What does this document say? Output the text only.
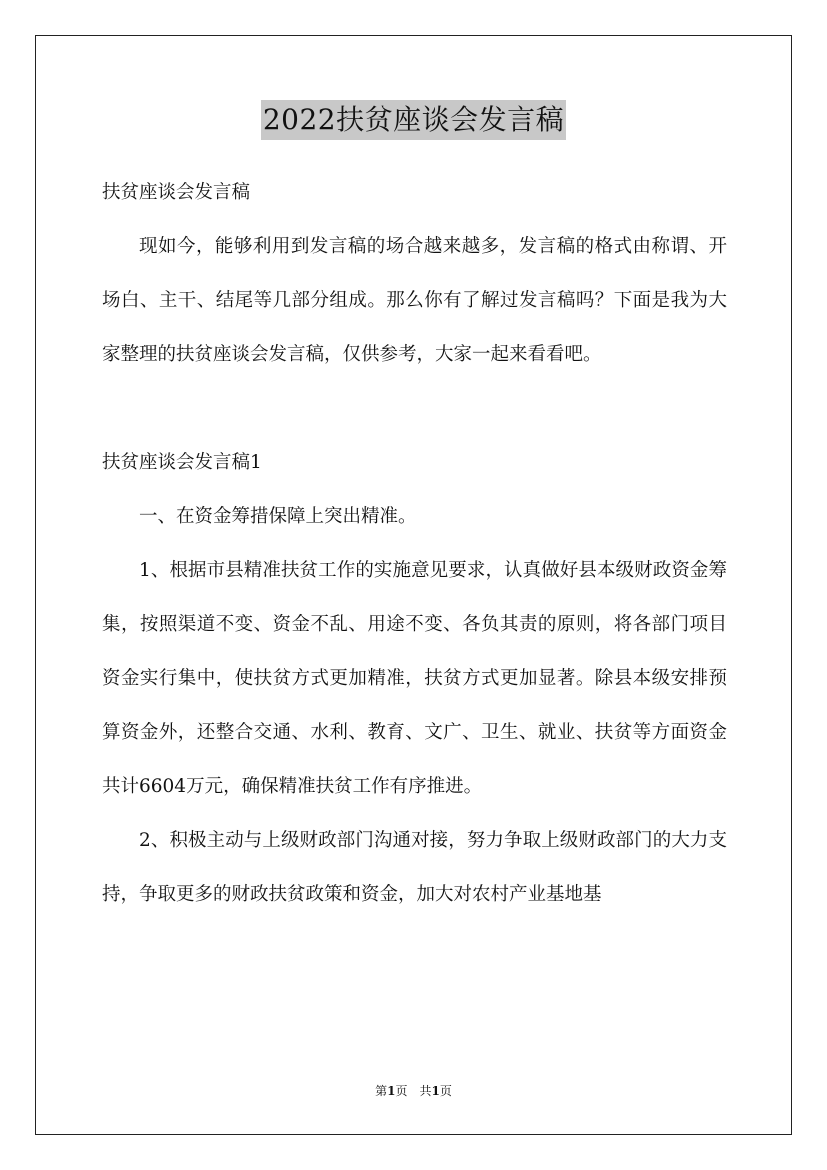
2022扶贫座谈会发言稿

扶贫座谈会发言稿

现如今，能够利用到发言稿的场合越来越多，发言稿的格式由称谓、开场白、主干、结尾等几部分组成。那么你有了解过发言稿吗？下面是我为大家整理的扶贫座谈会发言稿，仅供参考，大家一起来看看吧。

扶贫座谈会发言稿1

一、在资金筹措保障上突出精准。

1、根据市县精准扶贫工作的实施意见要求，认真做好县本级财政资金筹集，按照渠道不变、资金不乱、用途不变、各负其责的原则，将各部门项目资金实行集中，使扶贫方式更加精准，扶贫方式更加显著。除县本级安排预算资金外，还整合交通、水利、教育、文广、卫生、就业、扶贫等方面资金共计6604万元，确保精准扶贫工作有序推进。

2、积极主动与上级财政部门沟通对接，努力争取上级财政部门的大力支持，争取更多的财政扶贫政策和资金，加大对农村产业基地基

第1页　共1页
